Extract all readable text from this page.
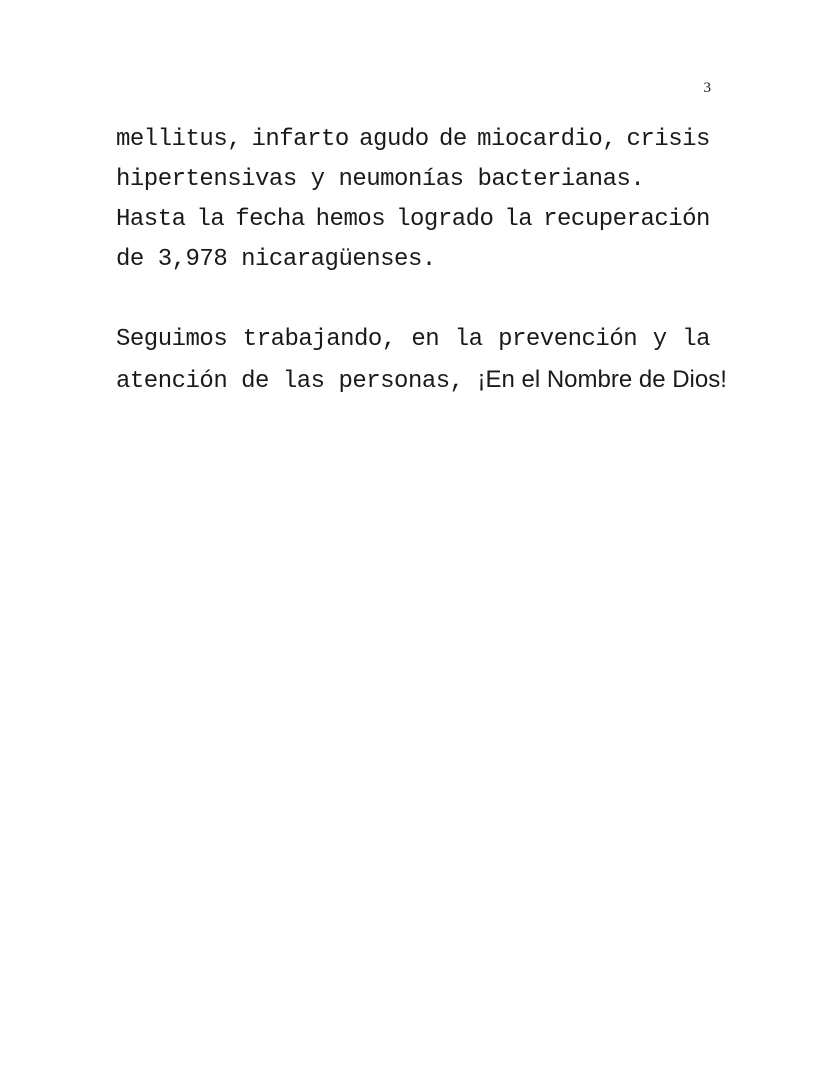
3
mellitus, infarto agudo de miocardio, crisis
hipertensivas y neumonías bacterianas.
Hasta la fecha hemos logrado la recuperación
de 3,978 nicaragüenses.
Seguimos trabajando, en la prevención y la
atención de las personas, ¡En el Nombre de Dios!
